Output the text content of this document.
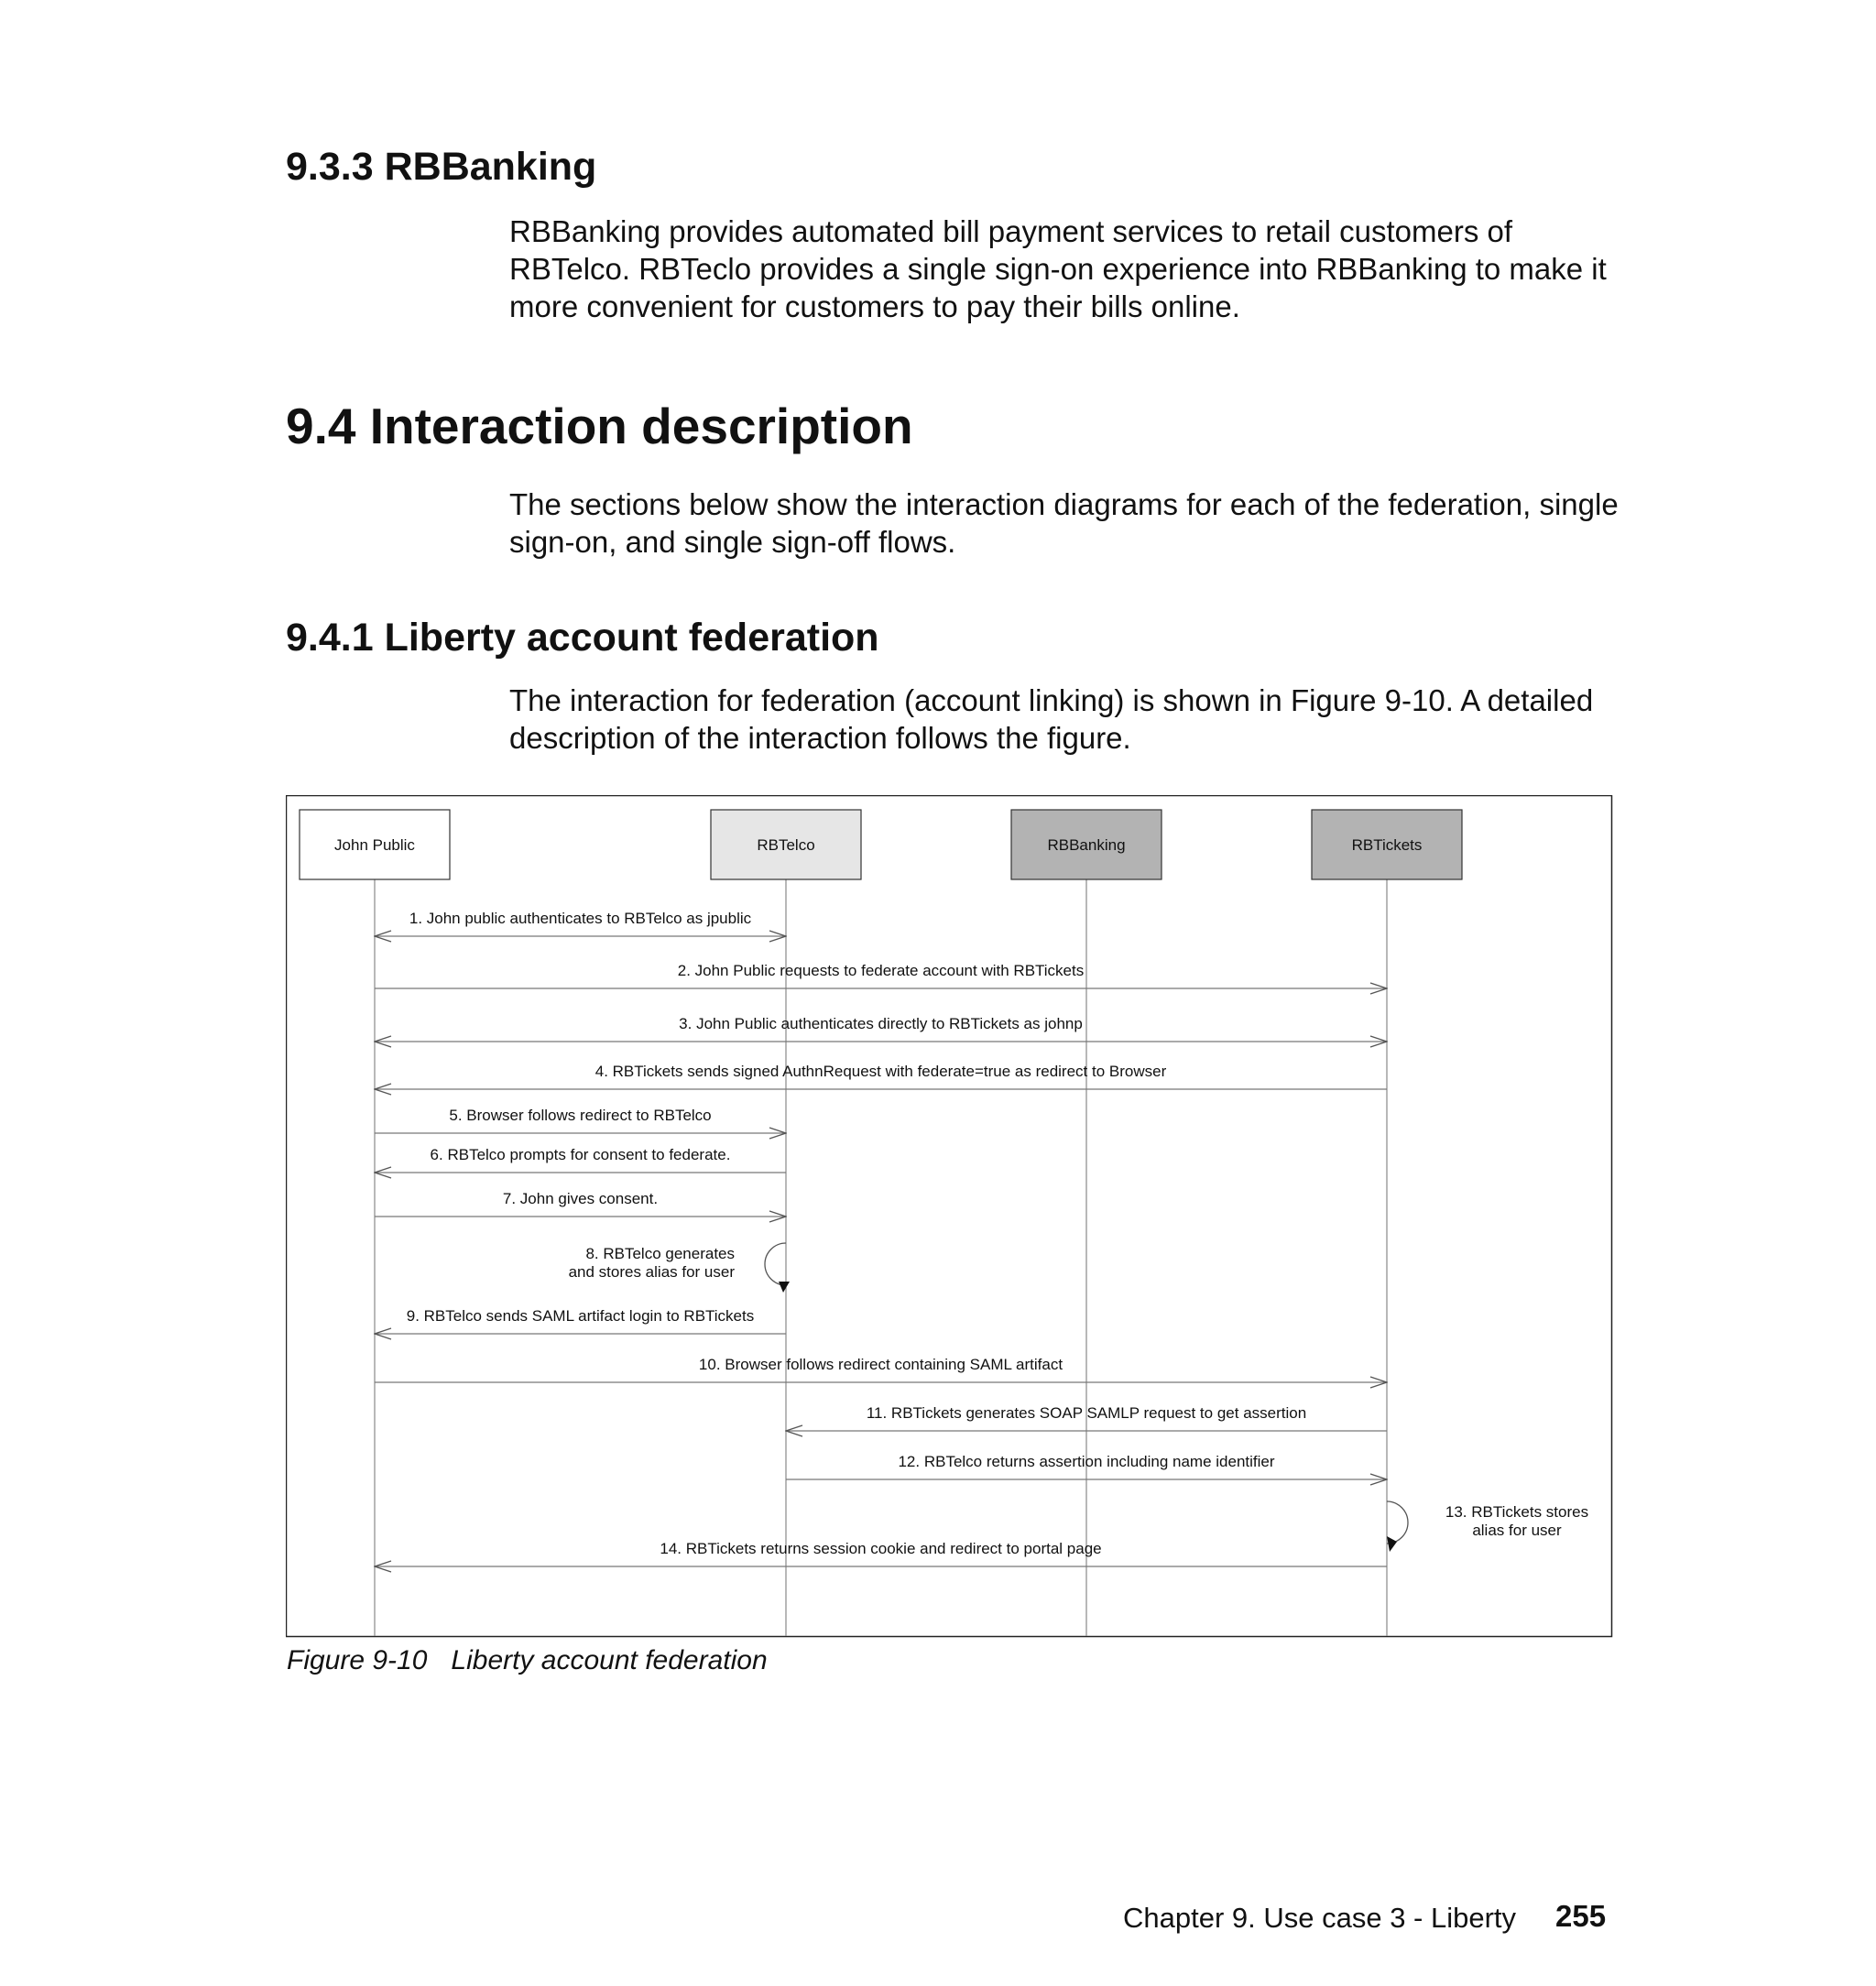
9.3.3 RBBanking

RBBanking provides automated bill payment services to retail customers of RBTelco. RBTeclo provides a single sign-on experience into RBBanking to make it more convenient for customers to pay their bills online.

9.4 Interaction description

The sections below show the interaction diagrams for each of the federation, single sign-on, and single sign-off flows.

9.4.1 Liberty account federation

The interaction for federation (account linking) is shown in Figure 9-10. A detailed description of the interaction follows the figure.

John Public	RBTelco	RBBanking	RBTickets
1. John public authenticates to RBTelco as jpublic
2. John Public requests to federate account with RBTickets
3. John Public authenticates directly to RBTickets as johnp
4. RBTickets sends signed AuthnRequest with federate=true as redirect to Browser
5. Browser follows redirect to RBTelco
6. RBTelco prompts for consent to federate.
7. John gives consent.
9. RBTelco sends SAML artifact login to RBTickets
10. Browser follows redirect containing SAML artifact
11. RBTickets generates SOAP SAMLP request to get assertion
12. RBTelco returns assertion including name identifier
14. RBTickets returns session cookie and redirect to portal page
8. RBTelco generates
and stores alias for user
13. RBTickets stores
alias for user

Figure 9-10 Liberty account federation

Chapter 9. Use case 3 - Liberty 255
